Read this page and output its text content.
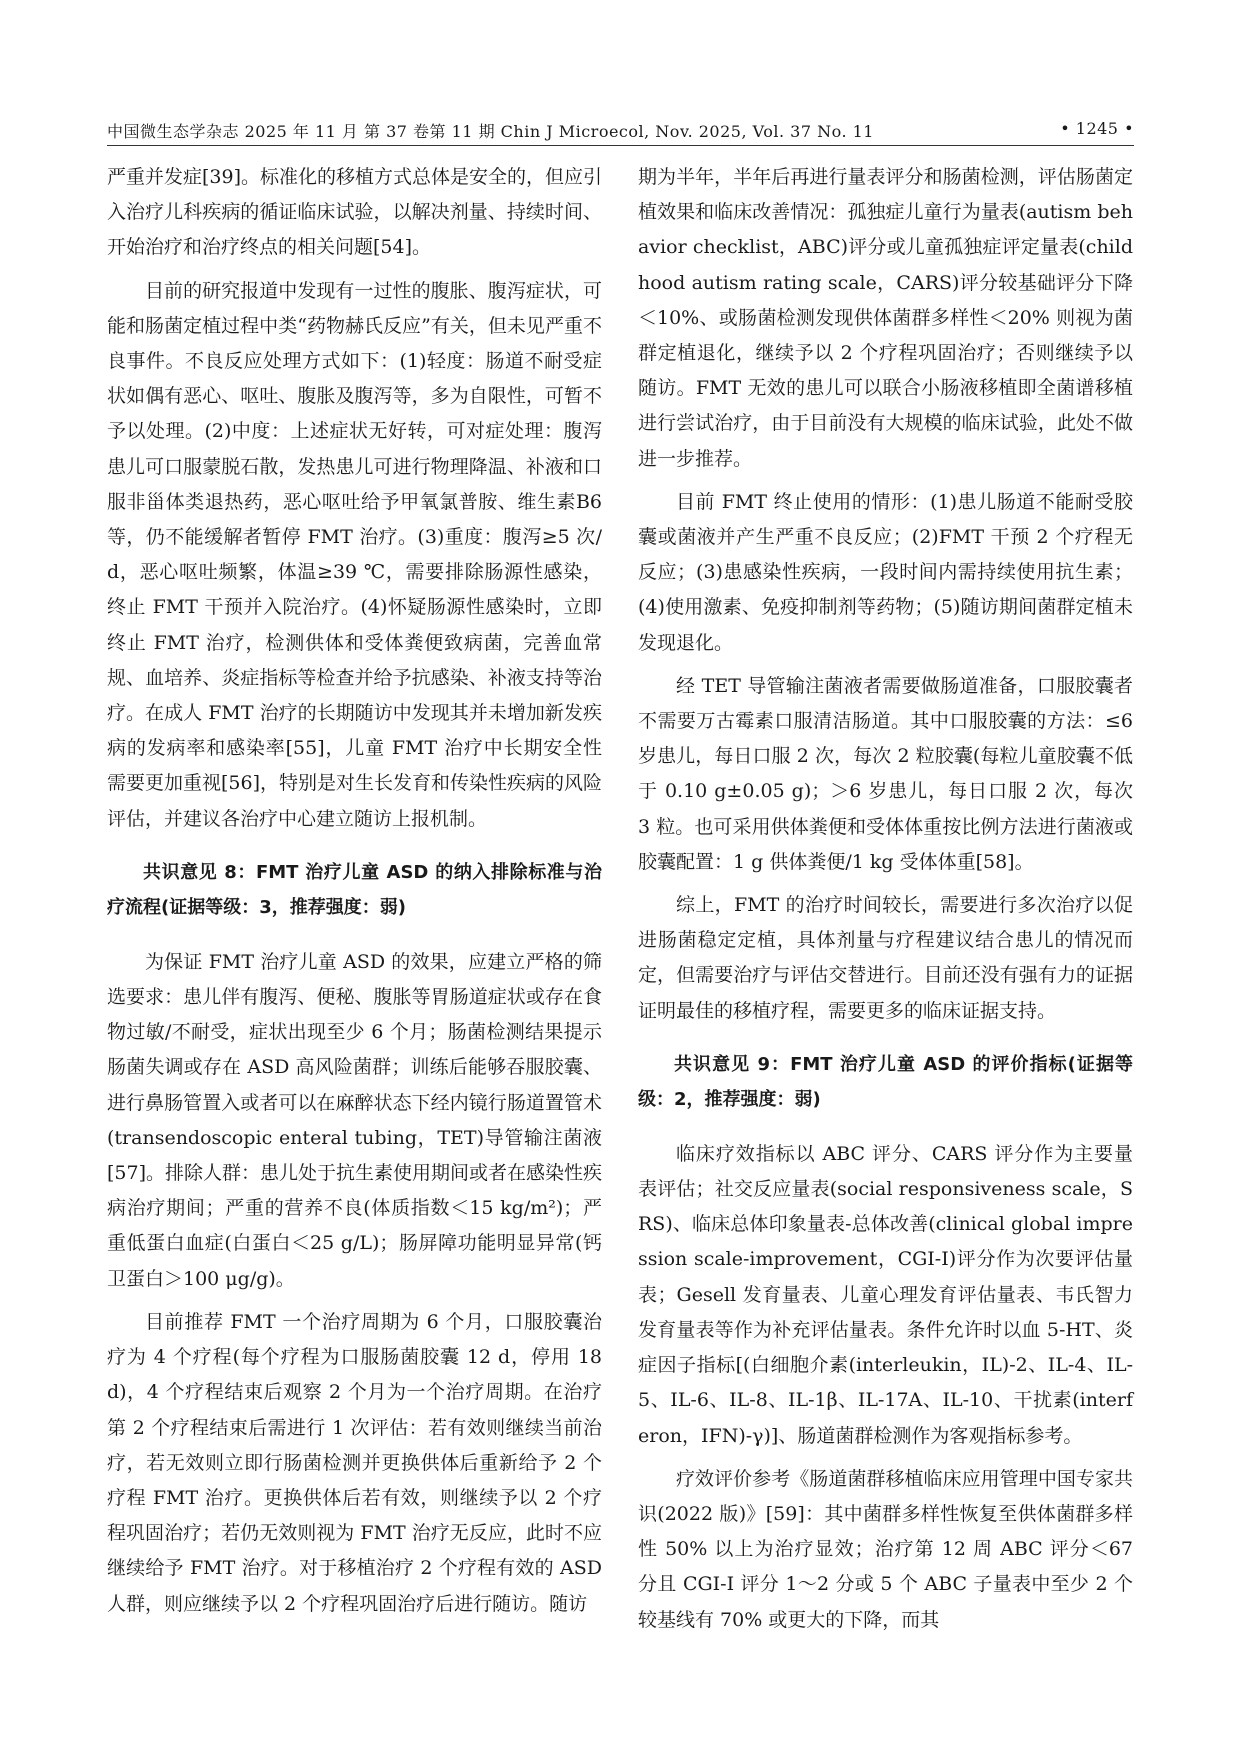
中国微生态学杂志 2025 年 11 月 第 37 卷第 11 期 Chin J Microecol, Nov. 2025, Vol. 37 No. 11	• 1245 •

严重并发症[39]。标准化的移植方式总体是安全的，但应引入治疗儿科疾病的循证临床试验，以解决剂量、持续时间、开始治疗和治疗终点的相关问题[54]。

目前的研究报道中发现有一过性的腹胀、腹泻症状，可能和肠菌定植过程中类“药物赫氏反应”有关，但未见严重不良事件。不良反应处理方式如下：(1)轻度：肠道不耐受症状如偶有恶心、呕吐、腹胀及腹泻等，多为自限性，可暂不予以处理。(2)中度：上述症状无好转，可对症处理：腹泻患儿可口服蒙脱石散，发热患儿可进行物理降温、补液和口服非甾体类退热药，恶心呕吐给予甲氧氯普胺、维生素B6等，仍不能缓解者暂停 FMT 治疗。(3)重度：腹泻≥5 次/d，恶心呕吐频繁，体温≥39 ℃，需要排除肠源性感染，终止 FMT 干预并入院治疗。(4)怀疑肠源性感染时，立即终止 FMT 治疗，检测供体和受体粪便致病菌，完善血常规、血培养、炎症指标等检查并给予抗感染、补液支持等治疗。在成人 FMT 治疗的长期随访中发现其并未增加新发疾病的发病率和感染率[55]，儿童 FMT 治疗中长期安全性需要更加重视[56]，特别是对生长发育和传染性疾病的风险评估，并建议各治疗中心建立随访上报机制。

共识意见 8：FMT 治疗儿童 ASD 的纳入排除标准与治疗流程(证据等级：3，推荐强度：弱)

为保证 FMT 治疗儿童 ASD 的效果，应建立严格的筛选要求：患儿伴有腹泻、便秘、腹胀等胃肠道症状或存在食物过敏/不耐受，症状出现至少 6 个月；肠菌检测结果提示肠菌失调或存在 ASD 高风险菌群；训练后能够吞服胶囊、进行鼻肠管置入或者可以在麻醉状态下经内镜行肠道置管术(transendoscopic enteral tubing，TET)导管输注菌液[57]。排除人群：患儿处于抗生素使用期间或者在感染性疾病治疗期间；严重的营养不良(体质指数＜15 kg/m²)；严重低蛋白血症(白蛋白＜25 g/L)；肠屏障功能明显异常(钙卫蛋白＞100 μg/g)。

目前推荐 FMT 一个治疗周期为 6 个月，口服胶囊治疗为 4 个疗程(每个疗程为口服肠菌胶囊 12 d，停用 18 d)，4 个疗程结束后观察 2 个月为一个治疗周期。在治疗第 2 个疗程结束后需进行 1 次评估：若有效则继续当前治疗，若无效则立即行肠菌检测并更换供体后重新给予 2 个疗程 FMT 治疗。更换供体后若有效，则继续予以 2 个疗程巩固治疗；若仍无效则视为 FMT 治疗无反应，此时不应继续给予 FMT 治疗。对于移植治疗 2 个疗程有效的 ASD 人群，则应继续予以 2 个疗程巩固治疗后进行随访。随访

期为半年，半年后再进行量表评分和肠菌检测，评估肠菌定植效果和临床改善情况：孤独症儿童行为量表(autism behavior checklist，ABC)评分或儿童孤独症评定量表(childhood autism rating scale，CARS)评分较基础评分下降＜10%、或肠菌检测发现供体菌群多样性＜20% 则视为菌群定植退化，继续予以 2 个疗程巩固治疗；否则继续予以随访。FMT 无效的患儿可以联合小肠液移植即全菌谱移植进行尝试治疗，由于目前没有大规模的临床试验，此处不做进一步推荐。

目前 FMT 终止使用的情形：(1)患儿肠道不能耐受胶囊或菌液并产生严重不良反应；(2)FMT 干预 2 个疗程无反应；(3)患感染性疾病，一段时间内需持续使用抗生素；(4)使用激素、免疫抑制剂等药物；(5)随访期间菌群定植未发现退化。

经 TET 导管输注菌液者需要做肠道准备，口服胶囊者不需要万古霉素口服清洁肠道。其中口服胶囊的方法：≤6 岁患儿，每日口服 2 次，每次 2 粒胶囊(每粒儿童胶囊不低于 0.10 g±0.05 g)；＞6 岁患儿，每日口服 2 次，每次 3 粒。也可采用供体粪便和受体体重按比例方法进行菌液或胶囊配置：1 g 供体粪便/1 kg 受体体重[58]。

综上，FMT 的治疗时间较长，需要进行多次治疗以促进肠菌稳定定植，具体剂量与疗程建议结合患儿的情况而定，但需要治疗与评估交替进行。目前还没有强有力的证据证明最佳的移植疗程，需要更多的临床证据支持。

共识意见 9：FMT 治疗儿童 ASD 的评价指标(证据等级：2，推荐强度：弱)

临床疗效指标以 ABC 评分、CARS 评分作为主要量表评估；社交反应量表(social responsiveness scale，SRS)、临床总体印象量表-总体改善(clinical global impression scale-improvement，CGI-I)评分作为次要评估量表；Gesell 发育量表、儿童心理发育评估量表、韦氏智力发育量表等作为补充评估量表。条件允许时以血 5-HT、炎症因子指标[(白细胞介素(interleukin，IL)-2、IL-4、IL-5、IL-6、IL-8、IL-1β、IL-17A、IL-10、干扰素(interferon，IFN)-γ)]、肠道菌群检测作为客观指标参考。

疗效评价参考《肠道菌群移植临床应用管理中国专家共识(2022 版)》[59]：其中菌群多样性恢复至供体菌群多样性 50% 以上为治疗显效；治疗第 12 周 ABC 评分＜67 分且 CGI-I 评分 1～2 分或 5 个 ABC 子量表中至少 2 个较基线有 70% 或更大的下降，而其
